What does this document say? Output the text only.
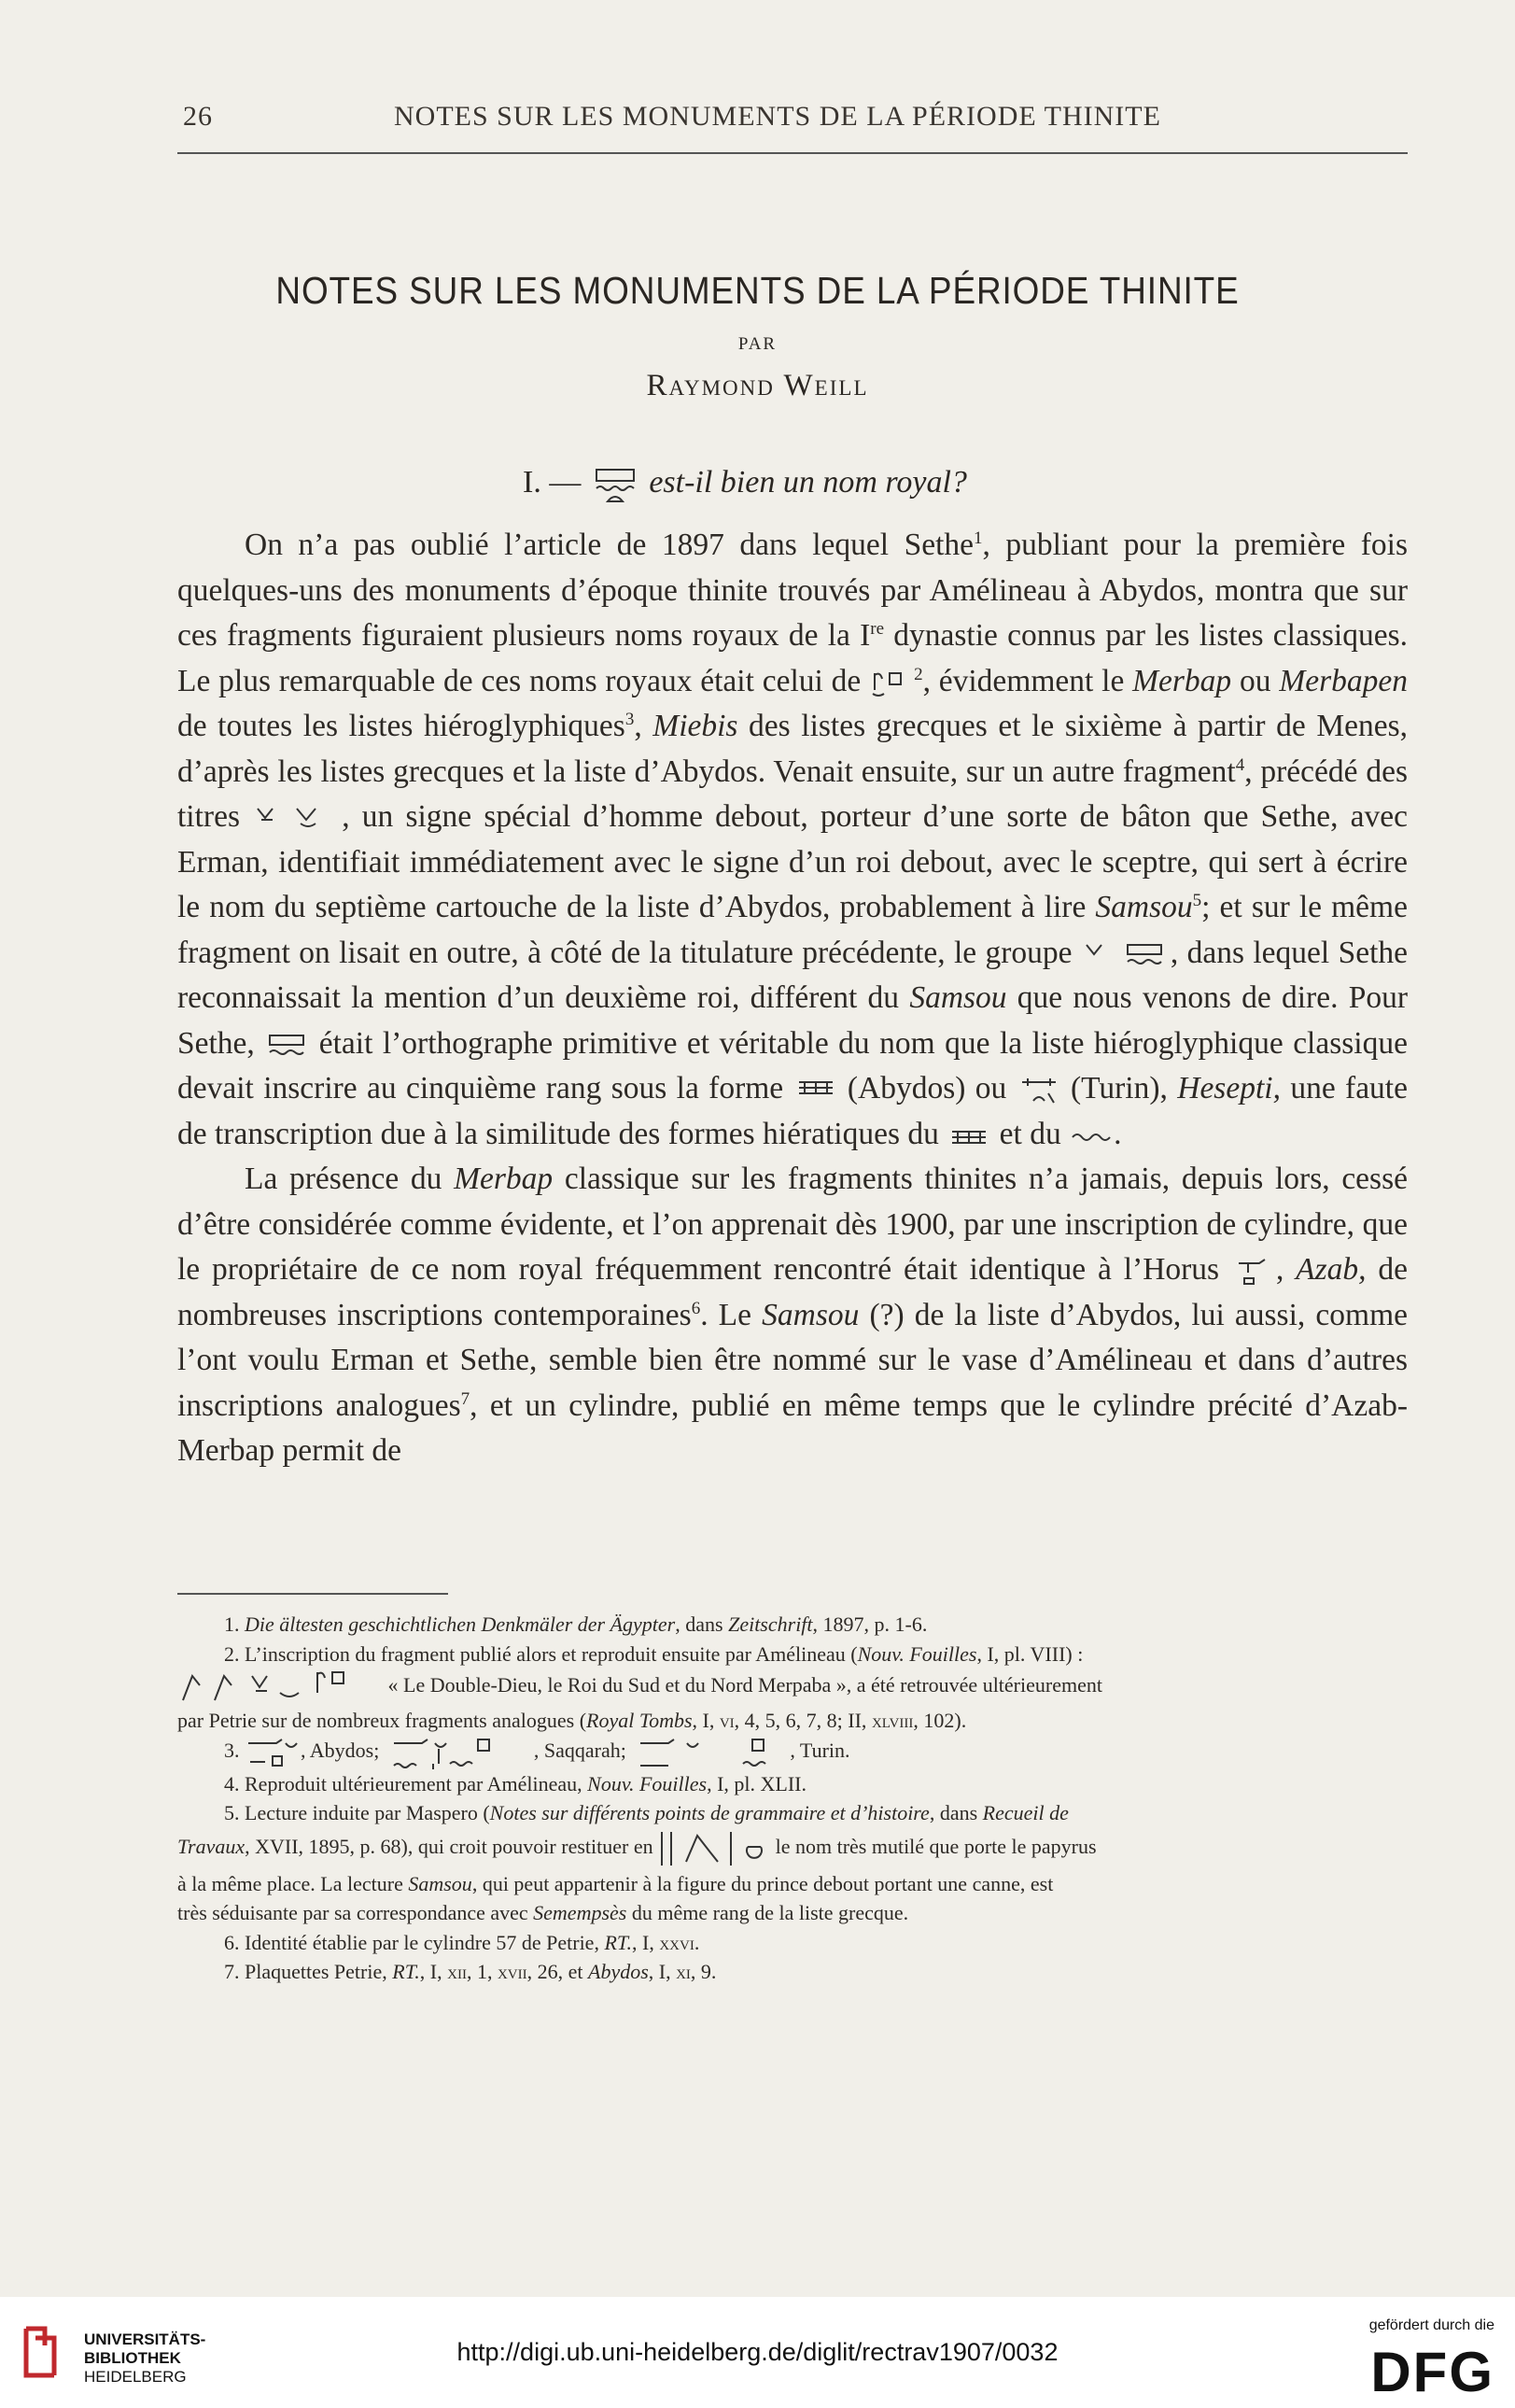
26	NOTES SUR LES MONUMENTS DE LA PÉRIODE THINITE
NOTES SUR LES MONUMENTS DE LA PÉRIODE THINITE
PAR
Raymond Weill
I. — est-il bien un nom royal?

On n’a pas oublié l’article de 1897 dans lequel Sethe$^1$, publiant pour la première fois quelques-uns des monuments d’époque thinite trouvés par Amélineau à Abydos, montra que sur ces fragments figuraient plusieurs noms royaux de la Ire dynastie connus par les listes classiques. Le plus remarquable de ces noms royaux était celui de	$^2$, évidemment le Merbap ou Merbapen de toutes les listes hiéroglyphiques$^3$, Miebis des listes grecques et le sixième à partir de Menes, d’après les listes grecques et la liste d’Abydos. Venait ensuite, sur un autre fragment$^4$, précédé des titres	, un signe spécial d’homme debout, porteur d’une sorte de bâton que Sethe, avec Erman, identifiait immédiatement avec le signe d’un roi debout, avec le sceptre, qui sert à écrire le nom du septième cartouche de la liste d’Abydos, probablement à lire Samsou$^5$; et sur le même fragment on lisait en outre, à côté de la titulature précédente, le groupe	, dans lequel Sethe reconnaissait la mention d’un deuxième roi, différent du Samsou que nous venons de dire. Pour Sethe,  était l’orthographe primitive et véritable du nom que la liste hiéroglyphique classique devait inscrire au cinquième rang sous la forme  (Abydos) ou  (Turin), Hesepti, une faute de transcription due à la similitude des formes hiératiques du  et du .

La présence du Merbap classique sur les fragments thinites n’a jamais, depuis lors, cessé d’être considérée comme évidente, et l’on apprenait dès 1900, par une inscription de cylindre, que le propriétaire de ce nom royal fréquemment rencontré était identique à l’Horus , Azab, de nombreuses inscriptions contemporaines$^6$. Le Samsou (?) de la liste d’Abydos, lui aussi, comme l’ont voulu Erman et Sethe, semble bien être nommé sur le vase d’Amélineau et dans d’autres inscriptions analogues$^7$, et un cylindre, publié en même temps que le cylindre précité d’Azab-Merbap permit de

1. Die ältesten geschichtlichen Denkmäler der Ägypter, dans Zeitschrift, 1897, p. 1-6.

2. L’inscription du fragment publié alors et reproduit ensuite par Amélineau (Nouv. Fouilles, I, pl. VIII) :

« Le Double-Dieu, le Roi du Sud et du Nord Merpaba », a été retrouvée ultérieurement

par Petrie sur de nombreux fragments analogues (Royal Tombs, I, vi, 4, 5, 6, 7, 8; II, xlviii, 102).

3.	, Abydos;	, Saqqarah;	, Turin.

4. Reproduit ultérieurement par Amélineau, Nouv. Fouilles, I, pl. XLII.

5. Lecture induite par Maspero (Notes sur différents points de grammaire et d’histoire, dans Recueil de

Travaux, XVII, 1895, p. 68), qui croit pouvoir restituer en	le nom très mutilé que porte le papyrus

à la même place. La lecture Samsou, qui peut appartenir à la figure du prince debout portant une canne, est

très séduisante par sa correspondance avec Semempsès du même rang de la liste grecque.

6. Identité établie par le cylindre 57 de Petrie, RT., I, xxvi.

7. Plaquettes Petrie, RT., I, xii, 1, xvii, 26, et Abydos, I, xi, 9.

UNIVERSITÄTS-
BIBLIOTHEK
HEIDELBERG
http://digi.ub.uni-heidelberg.de/diglit/rectrav1907/0032
gefördert durch die
DFG
